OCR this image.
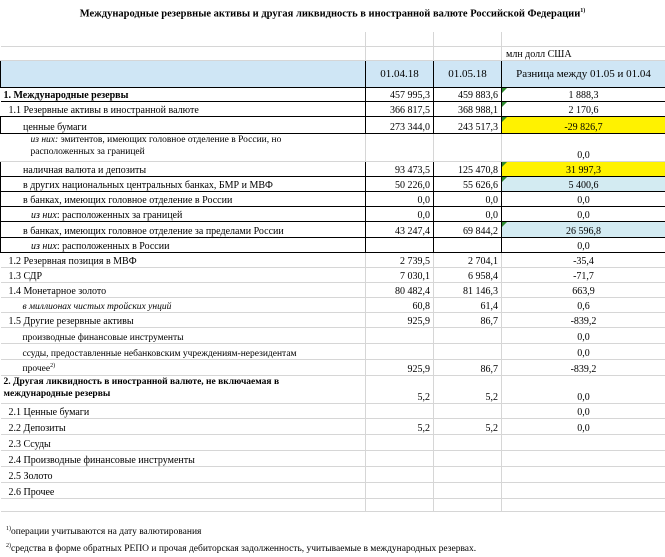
Международные резервные активы и другая ликвидность в иностранной валюте Российской Федерации$^{1)}$

			млн долл США
	01.04.18	01.05.18	Разница между 01.05 и 01.04
1. Международные резервы	457 995,3	459 883,6	1 888,3
1.1 Резервные активы в иностранной валюте	366 817,5	368 988,1	2 170,6
ценные бумаги	273 344,0	243 517,3	-29 826,7
из них: эмитентов, имеющих головное отделение в России, но
расположенных за границей			0,0
наличная валюта и депозиты	93 473,5	125 470,8	31 997,3
в других национальных центральных банках, БМР и МВФ	50 226,0	55 626,6	5 400,6
в банках, имеющих головное отделение в России	0,0	0,0	0,0
из них: расположенных за границей	0,0	0,0	0,0
в банках, имеющих головное отделение за пределами России	43 247,4	69 844,2	26 596,8
из них: расположенных в России			0,0
1.2 Резервная позиция в МВФ	2 739,5	2 704,1	-35,4
1.3 СДР	7 030,1	6 958,4	-71,7
1.4 Монетарное золото	80 482,4	81 146,3	663,9
в миллионах чистых тройских унций	60,8	61,4	0,6
1.5 Другие резервные активы	925,9	86,7	-839,2
производные финансовые инструменты			0,0
ссуды, предоставленные небанковским учреждениям-нерезидентам			0,0
прочее$^{2)}$	925,9	86,7	-839,2
2. Другая ликвидность в иностранной валюте, не включаемая в
международные резервы	5,2	5,2	0,0
2.1 Ценные бумаги			0,0
2.2 Депозиты	5,2	5,2	0,0
2.3 Ссуды			
2.4 Производные финансовые инструменты			
2.5 Золото			
2.6 Прочее			

$^{1)}$операции учитываются на дату валютирования
$^{2)}$средства в форме обратных РЕПО и прочая дебиторская задолженность, учитываемые в международных резервах.
